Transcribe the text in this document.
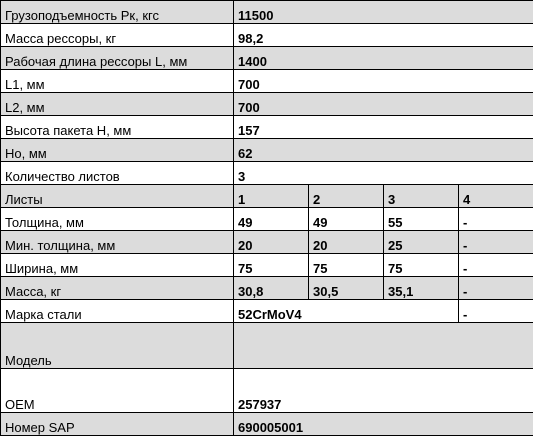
Грузоподъемность Рк, кгс	11500			
Масса рессоры, кг	98,2			
Рабочая длина рессоры L, мм	1400			
L1, мм	700			
L2, мм	700			
Высота пакета H, мм	157			
Но, мм	62			
Количество листов	3			
Листы	1	2	3	4
Толщина, мм	49	49	55	-
Мин. толщина, мм	20	20	25	-
Ширина, мм	75	75	75	-
Масса, кг	30,8	30,5	35,1	-
Марка стали	52CrMoV4			-
Модель				
OEM	257937			
Номер SAP	690005001			
